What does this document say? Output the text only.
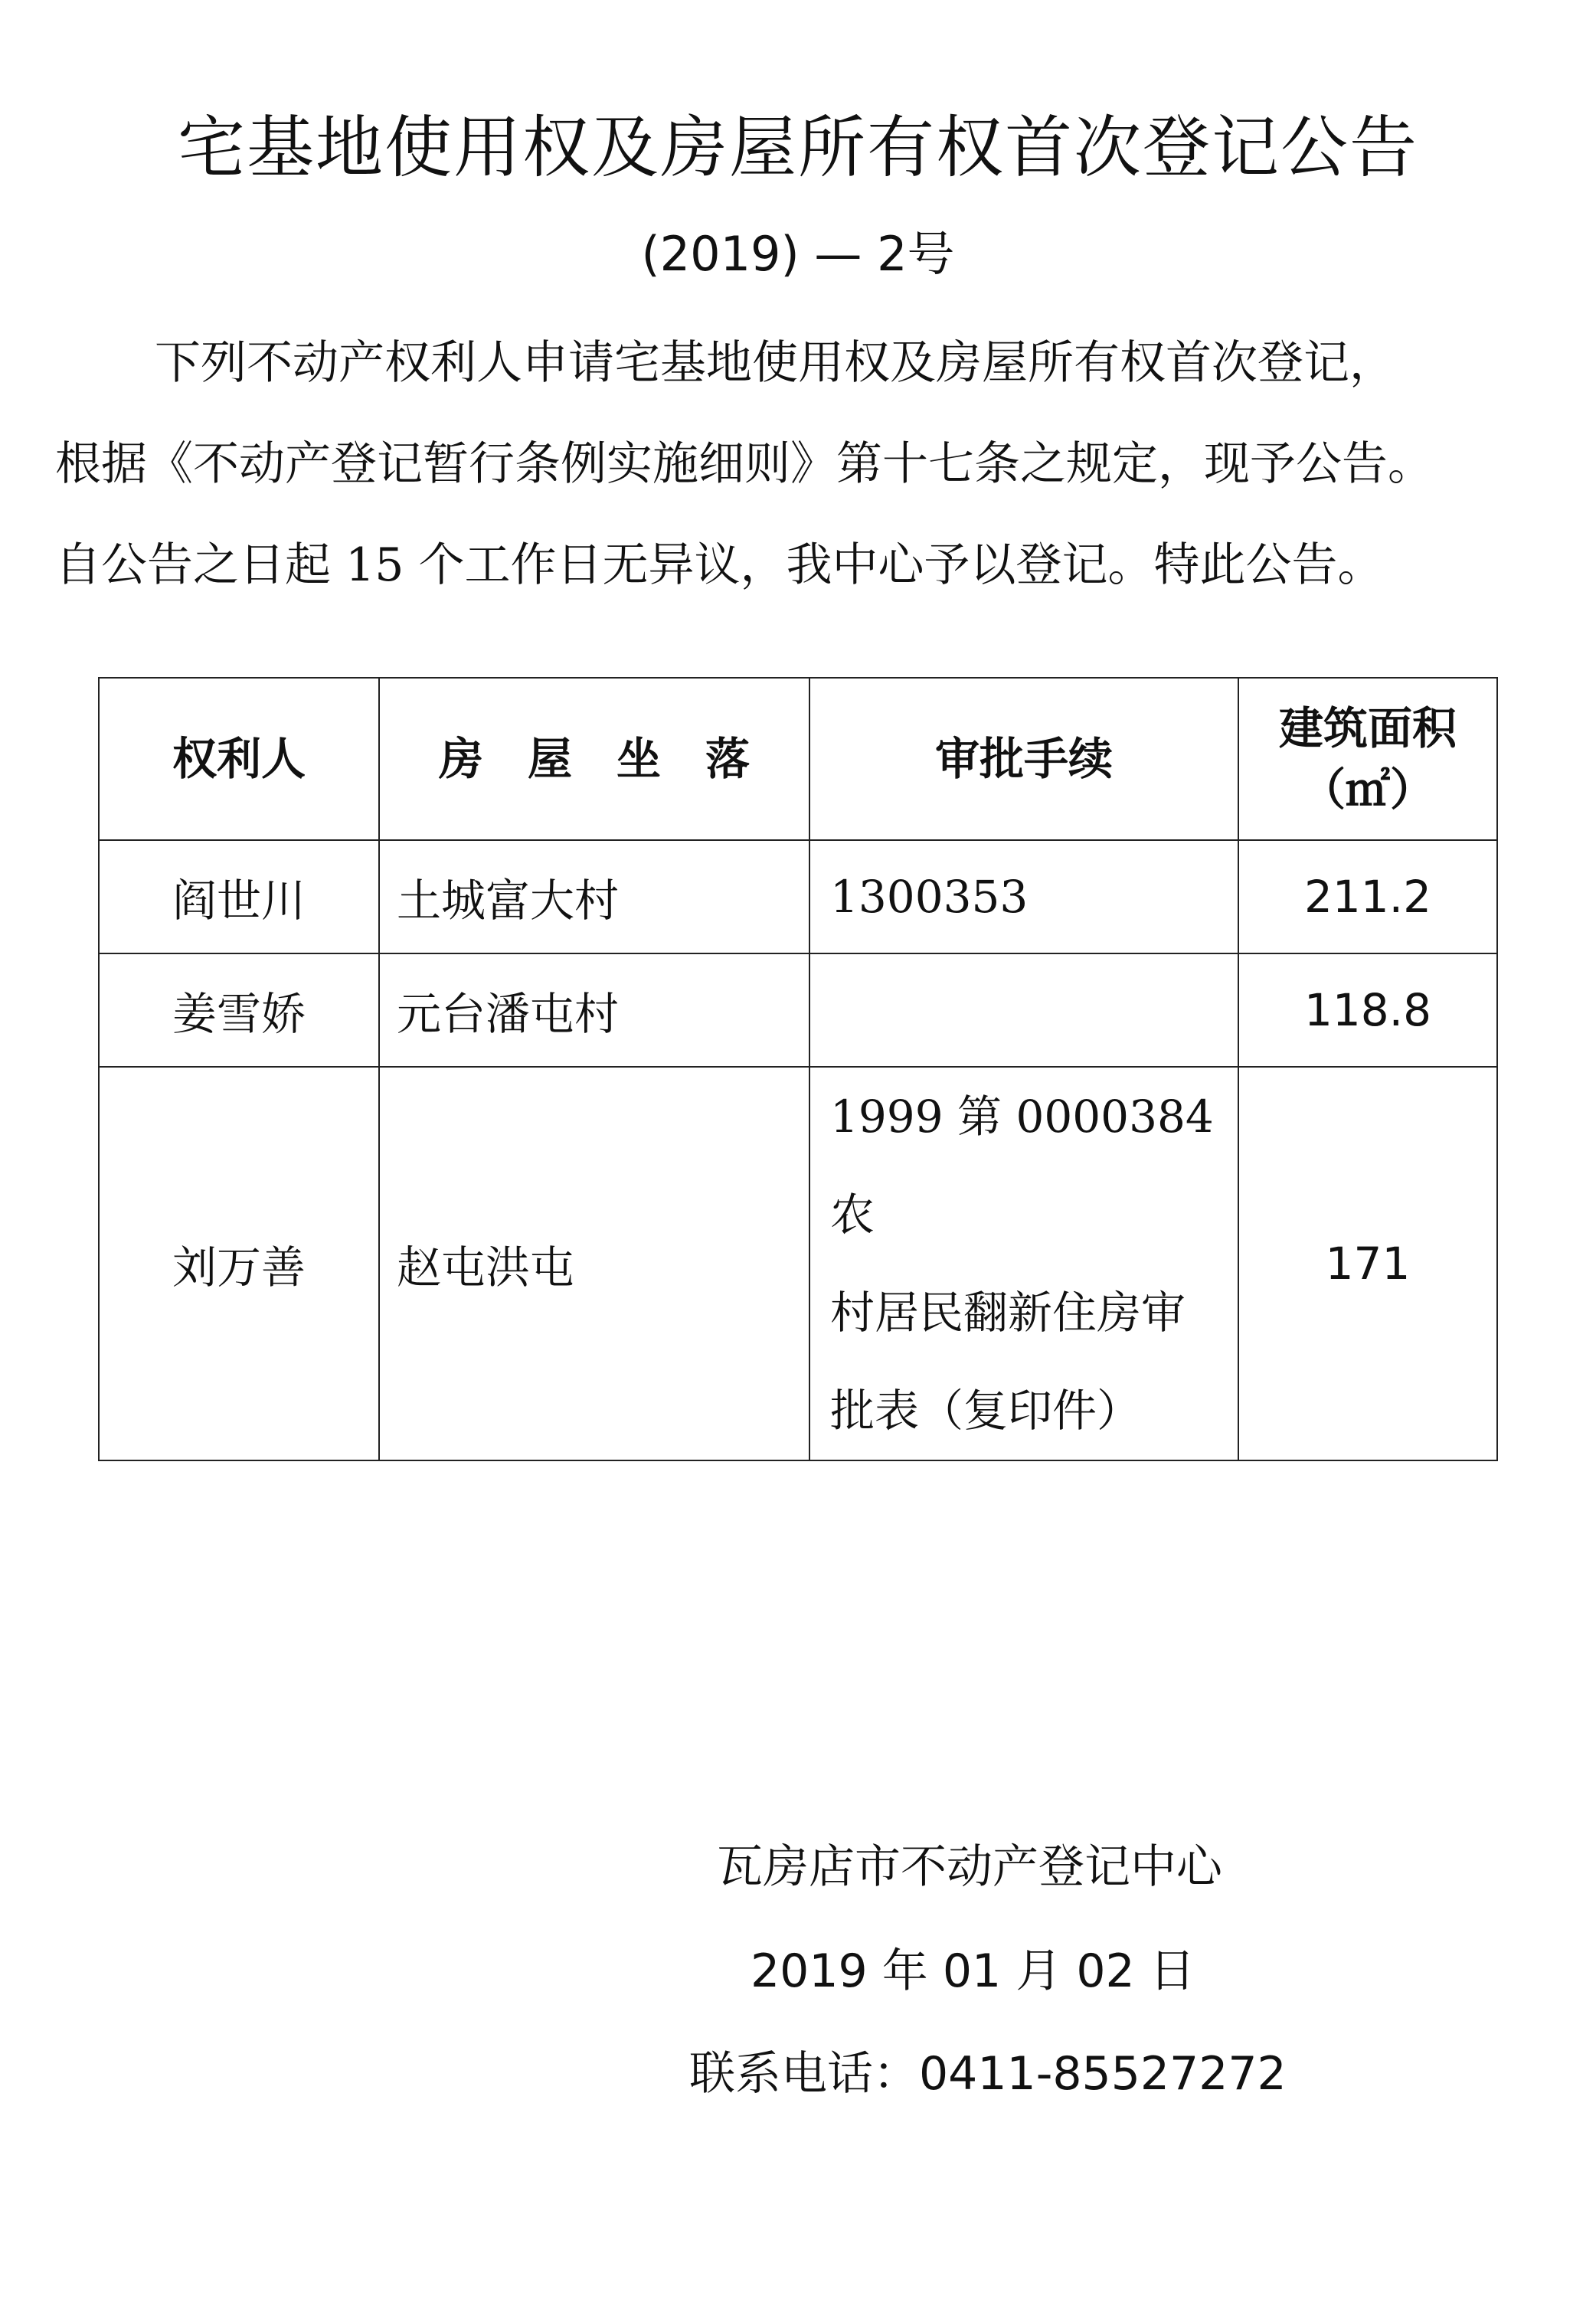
宅基地使用权及房屋所有权首次登记公告
(2019) — 2号
下列不动产权利人申请宅基地使用权及房屋所有权首次登记，
根据《不动产登记暂行条例实施细则》第十七条之规定，现予公告。
自公告之日起 15 个工作日无异议，我中心予以登记。特此公告。
权利人	房　屋　坐　落	审批手续	建筑面积
（㎡）

阎世川	土城富大村	1300353	211.2
姜雪娇	元台潘屯村		118.8
刘万善	赵屯洪屯	1999 第 0000384 农
村居民翻新住房审
批表（复印件）	171
瓦房店市不动产登记中心
2019 年 01 月 02 日
联系电话：0411-85527272
